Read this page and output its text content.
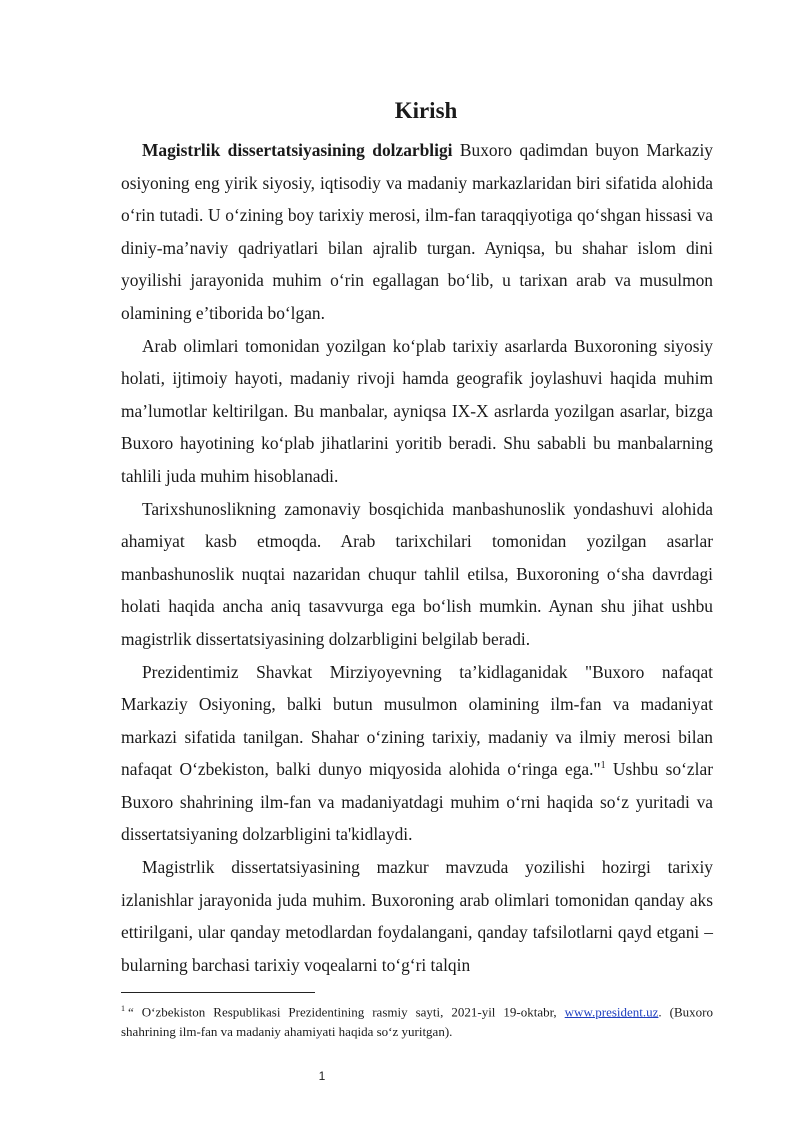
Kirish

Magistrlik dissertatsiyasining dolzarbligi Buxoro qadimdan buyon Markaziy osiyoning eng yirik siyosiy, iqtisodiy va madaniy markazlaridan biri sifatida alohida o‘rin tutadi. U o‘zining boy tarixiy merosi, ilm-fan taraqqiyotiga qo‘shgan hissasi va diniy-ma’naviy qadriyatlari bilan ajralib turgan. Ayniqsa, bu shahar islom dini yoyilishi jarayonida muhim o‘rin egallagan bo‘lib, u tarixan arab va musulmon olamining e’tiborida bo‘lgan.

Arab olimlari tomonidan yozilgan ko‘plab tarixiy asarlarda Buxoroning siyosiy holati, ijtimoiy hayoti, madaniy rivoji hamda geografik joylashuvi haqida muhim ma’lumotlar keltirilgan. Bu manbalar, ayniqsa IX-X asrlarda yozilgan asarlar, bizga Buxoro hayotining ko‘plab jihatlarini yoritib beradi. Shu sababli bu manbalarning tahlili juda muhim hisoblanadi.

Tarixshunoslikning zamonaviy bosqichida manbashunoslik yondashuvi alohida ahamiyat kasb etmoqda. Arab tarixchilari tomonidan yozilgan asarlar manbashunoslik nuqtai nazaridan chuqur tahlil etilsa, Buxoroning o‘sha davrdagi holati haqida ancha aniq tasavvurga ega bo‘lish mumkin. Aynan shu jihat ushbu magistrlik dissertatsiyasining dolzarbligini belgilab beradi.

Prezidentimiz Shavkat Mirziyoyevning ta’kidlaganidak "Buxoro nafaqat Markaziy Osiyoning, balki butun musulmon olamining ilm-fan va madaniyat markazi sifatida tanilgan. Shahar o‘zining tarixiy, madaniy va ilmiy merosi bilan nafaqat O‘zbekiston, balki dunyo miqyosida alohida o‘ringa ega."$^1$ Ushbu so‘zlar Buxoro shahrining ilm-fan va madaniyatdagi muhim o‘rni haqida so‘z yuritadi va dissertatsiyaning dolzarbligini ta'kidlaydi.

Magistrlik dissertatsiyasining mazkur mavzuda yozilishi hozirgi tarixiy izlanishlar jarayonida juda muhim. Buxoroning arab olimlari tomonidan qanday aks ettirilgani, ular qanday metodlardan foydalangani, qanday tafsilotlarni qayd etgani – bularning barchasi tarixiy voqealarni to‘g‘ri talqin

$^1$ “ O‘zbekiston Respublikasi Prezidentining rasmiy sayti, 2021-yil 19-oktabr, www.president.uz. (Buxoro shahrining ilm-fan va madaniy ahamiyati haqida so‘z yuritgan).
1
